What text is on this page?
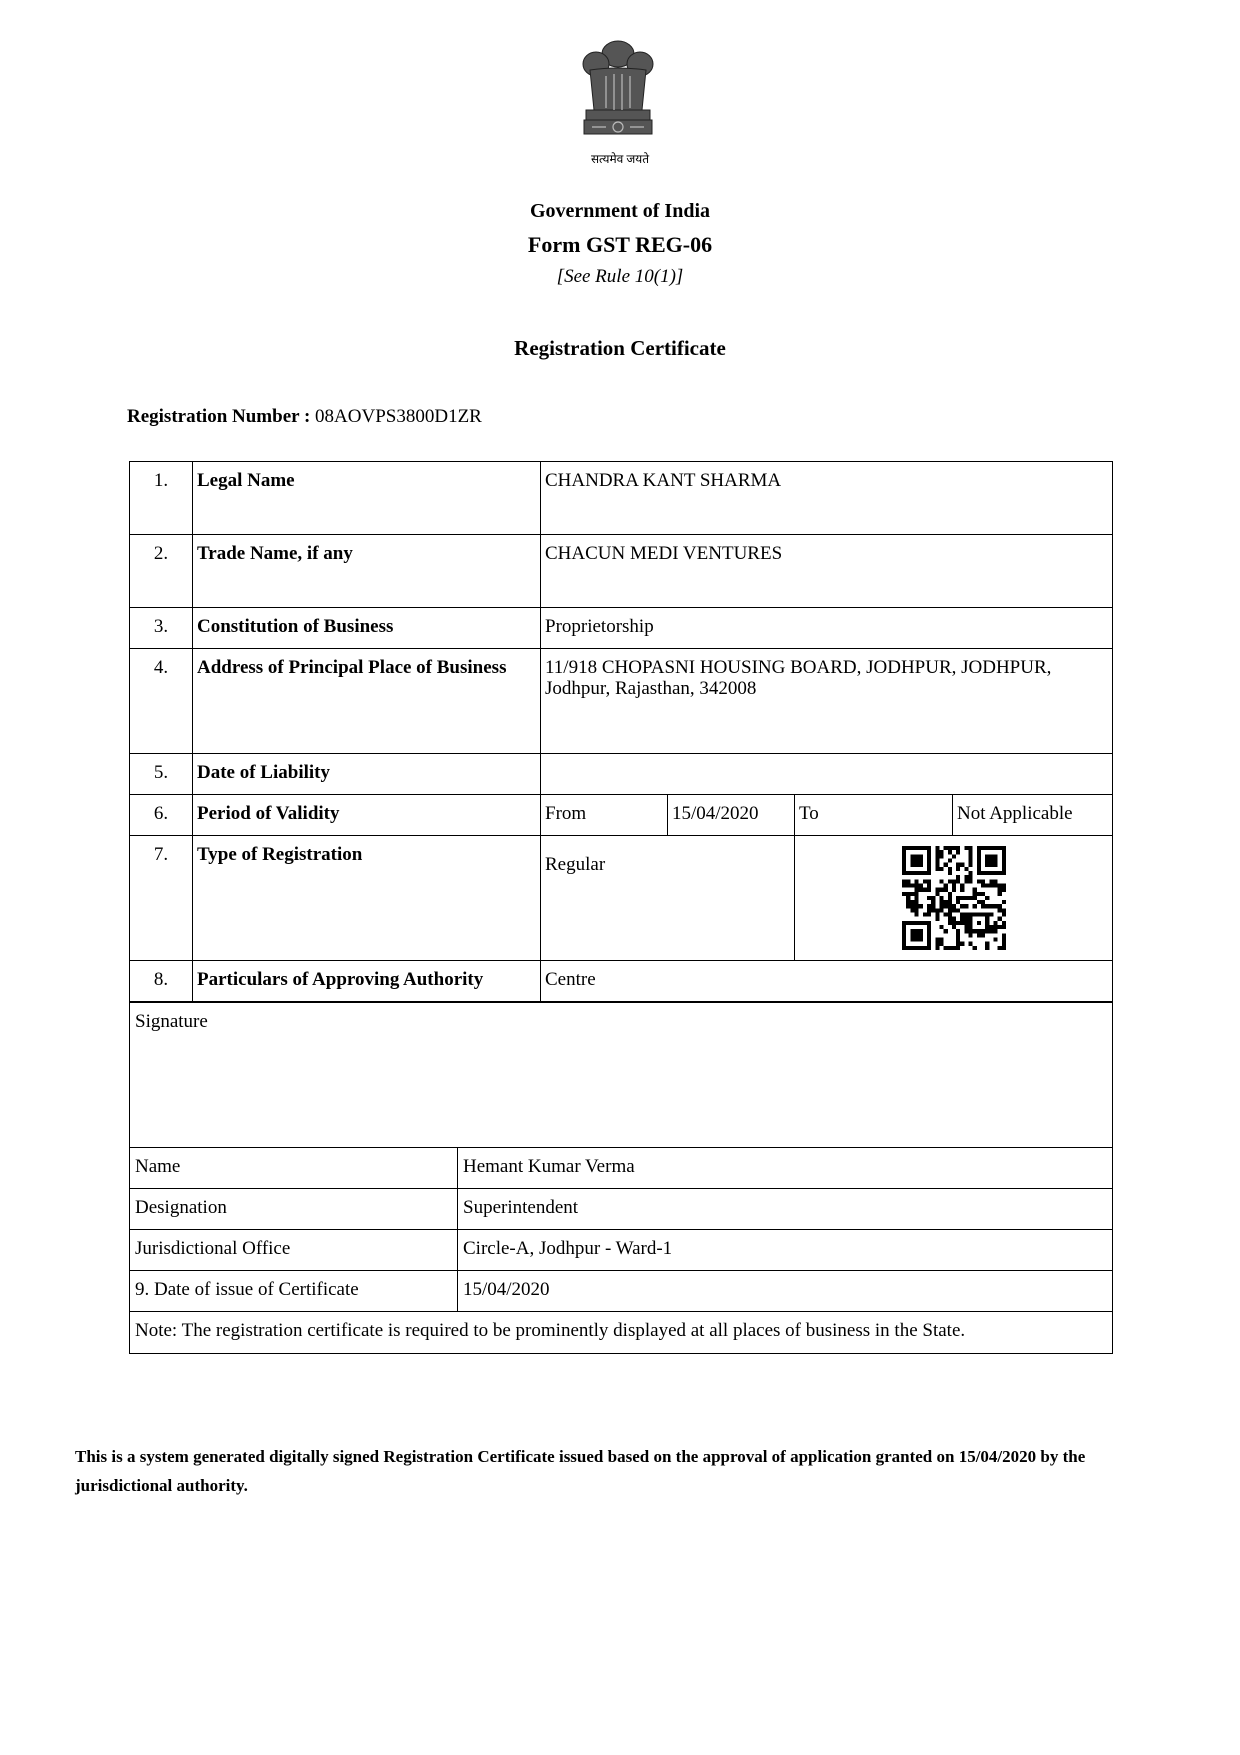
सत्यमेव जयते
Government of India
Form GST REG-06
[See Rule 10(1)]
Registration Certificate
Registration Number : 08AOVPS3800D1ZR
1.	Legal Name	CHANDRA KANT SHARMA			
2.	Trade Name, if any	CHACUN MEDI VENTURES			
3.	Constitution of Business	Proprietorship			
4.	Address of Principal Place of Business	11/918 CHOPASNI HOUSING BOARD, JODHPUR, JODHPUR, Jodhpur, Rajasthan, 342008			
5.	Date of Liability				
6.	Period of Validity	From	15/04/2020	To	Not Applicable
7.	Type of Registration	Regular	

8.	Particulars of Approving Authority	Centre			
Signature	
Name	Hemant Kumar Verma
Designation	Superintendent
Jurisdictional Office	Circle-A, Jodhpur - Ward-1
9. Date of issue of Certificate	15/04/2020
Note: The registration certificate is required to be prominently displayed at all places of business in the State.	
This is a system generated digitally signed Registration Certificate issued based on the approval of application granted on 15/04/2020 by the jurisdictional authority.
